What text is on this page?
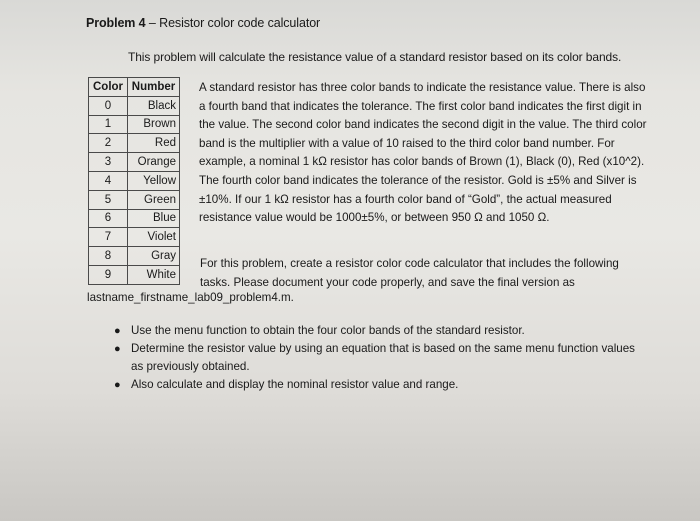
Problem 4 – Resistor color code calculator
This problem will calculate the resistance value of a standard resistor based on its color bands.
Color	Number
0	Black
1	Brown
2	Red
3	Orange
4	Yellow
5	Green
6	Blue
7	Violet
8	Gray
9	White
A standard resistor has three color bands to indicate the resistance value. There is also a fourth band that indicates the tolerance. The first color band indicates the first digit in the value. The second color band indicates the second digit in the value. The third color band is the multiplier with a value of 10 raised to the third color band number. For example, a nominal 1 kΩ resistor has color bands of Brown (1), Black (0), Red (x10^2). The fourth color band indicates the tolerance of the resistor. Gold is ±5% and Silver is ±10%. If our 1 kΩ resistor has a fourth color band of “Gold”, the actual measured resistance value would be 1000±5%, or between 950 Ω and 1050 Ω.
For this problem, create a resistor color code calculator that includes the following tasks. Please document your code properly, and save the final version as
lastname_firstname_lab09_problem4.m.
● Use the menu function to obtain the four color bands of the standard resistor.
● Determine the resistor value by using an equation that is based on the same menu function values as previously obtained.
● Also calculate and display the nominal resistor value and range.
